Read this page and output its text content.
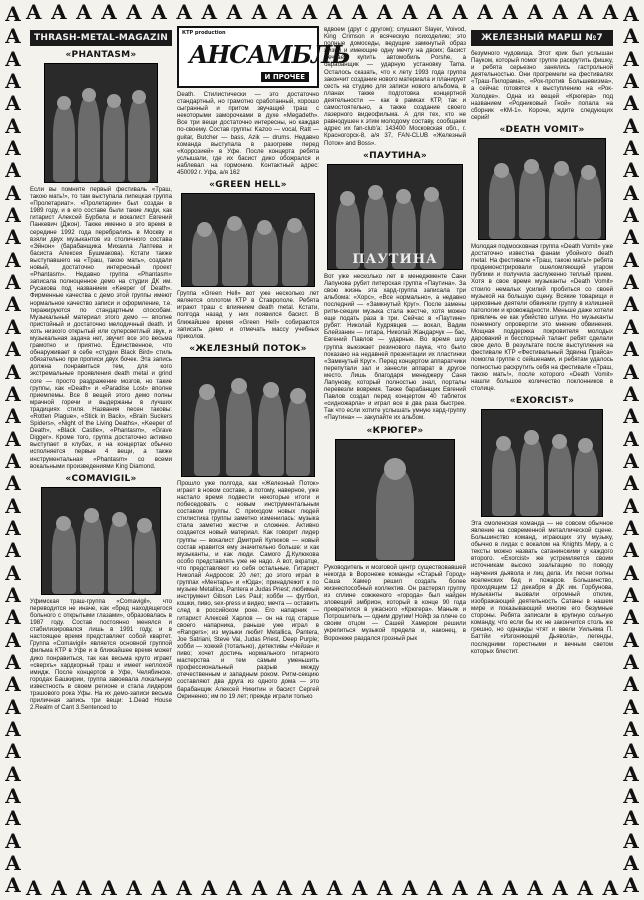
A A A A A A A A A A A A A A A A A A A A A A A A
A A A A A A A A A A A A A A A A A A A A A A A A
A
A
A
A
A
A
A
A
A
A
A
A
A
A
A
A
A
A
A
A
A
A
A
A
A
A
A
A
A
A
A
A
A
A
A
A
A
A
A
A
A
A
A
A
A
A
A
A
A
A
A
A
A
A
A
A
A
A
A
A
A
A
A
A
A
A
A
A
A
A
A
A
A
A
A
A
A
A
A
A
THRASH-METAL-MAGAZIN
«PHANTASM»

Если вы помните первый фестиваль «Траш, такою мать!», то там выступала липецкая группа «Пролетариат». «Пролетарии» был создан в 1989 году, и в его составе были такие люди, как гитарист Алексей Бурбела и вокалист Евгений Панкевич (Джон). Также именно в это время в середине 1992 года перебрались в Москву и взяли двух музыкантов из столичного состава «Эйнон» (барабанщика Михаила Лаптева и басиста Алексея Бушмакова). Кстати также выступавшего на «Траш, такою мать», создали новый, достаточно интересный проект «Phantasm». Недавно группа «Phantasm» записала полноценное демо на студии ДК им. Русакова под названием «Keeper of Death». Фирменные качества с демо этой группы имеют нормальное качество записи и оформление, т.е. тиражируются по стандартным способам. Музыкальный материал этого демо — вполне пристойный и достаточно мелодичный death. И хоть низкого открытый или суперсветлый звук, и музыкальная задача нет, звучит все это весьма грамотно и приятно. Единственное, что обнаруживает в себе «студии Black Bird» стиль обязательно при прописи двух бочек. Эта запись должна понравиться тем, для кого экстремальные проявления death metal и grind core — просто раздражение мозгов, но такие группы, как «Death» и «Paradise Lost» вполне приемлемы. Все 8 вещей этого демо полны мрачной горечи и выдержаны в лучших традициях стиля. Названия песен таковы: «Rotten Plague», «Stick in Back», «Brain Suckers Spiders», «Night of the Living Deaths», «Keeper of Death», «Black Castle», «Phantasm», «Grave Digger». Кроме того, группа достаточно активно выступает в клубах, и на концертах обычно исполняется первые 4 вещи, а также инструментальная «Phantasm» со всеми вокальными произведениями King Diamond.

«COMAVIGIL»

Уфимская траш-группа «Comavigil», что переводится не иначе, как «бред находящегося больного с открытыми глазами», образовалась в 1987 году. Состав постоянно менялся и стабилизировался лишь в 1991 году, и в настоящее время представляет собой квартет. Группа «Comavigil» является основной группой фильма КТР в Уфе и в ближайшее время может дико понравиться, так как весьма круто играет «сверхъ» хардкорный траш и имеет неплохой имидж. После концертов в Уфе, Челябинске, городах Башкирии, группа завоевала локальную известность в своем регионе и стала лидером трэшового рока Уфы. На их демо-записи весьма приличная запись три вещи: 1.Dead House 2.Realm of Cant 3.Sentenced to

КТР production
АНСАМБЛЬ
И ПРОЧЕЕ

Death. Стилистически — это достаточно стандартный, но грамотно сработанный, хорошо сыгранный и притом звучащий траш с некоторыми заморочками в духе «Megadeth». Все три вещи достаточно интересны, но каждая по-своему. Состав группы: Kazoo — vocal, Ratt — guitar, Butcher — bass, Azik — drums. Недавно команда выступала в разогреве перед «Коррозией» в Уфе. После концерта ребята услышали, где их басист дико обожрался и наблевал на гормонию. Контактный адрес: 450092 г. Уфа, а/я 162

«GREEN HELL»

Группа «Green Hell» вот уже несколько лет является оплотом КТР в Ставрополе. Ребята играют траш с влиянием death metal. Кстати, полгода назад у них появился басист. В ближайшее время «Green Hell» собираются записать демо и отмечать массу учебных приколов.

«ЖЕЛЕЗНЫЙ ПОТОК»

Прошло уже полгода, как «Железный Поток» играет в новом составе, а потому, наверное, уже настало время подвести некоторые итоги и побеседовать с новым инструментальным составом группы. С приходом новых людей стилистика группы заметно изменилась: музыка стала заметно жестче и сложнее. Активно создается новый материал. Как говорит лидер группы — вокалист Дмитрий Кулюков — новый состав нравится ему значительно больше: и как музыканты, и как люди. Самого Д.Кулюкова особо представлять уже не надо. А вот, вкратце, что представляют из себя остальные. Гитарист Николай Андросов: 20 лет; до этого играл в группах «Ментарь» и «Юда»; принадлежит к по музыке Metallica, Pantera и Judas Priest; любимый инструмент Gibson Les Paul; хобби — футбол, кошки, пиво, sex-press и видео; мечта — оставить след в российском роке. Его напарник — гитарист Алексей Харлов — он на год старше своего напарника, раньше уже играл в «Rangers»; из музыки любит Metallica, Pantera, Joe Satriani, Steve Vai, Judas Priest, Deep Purple; хобби — хоккей (тотально), детективы «Чейза» и пиво; хочет достичь нормального гитарного мастерства и тем самым уменьшить профессиональный разрыв между отечественным и западным роком. Ритм-секцию составляют два друга из одного дома — это барабанщик Алексей Никитин и басист Сергей Окриненко; им по 19 лет; прежде играли только

вдвоем (друг с другом); слушают Slayer, Voivod, King Crimson и всяческую психоделию; это полные домоседы, ведущие замкнутый образ жизни и имеющие одну мечту на двоих; басист мечтает купить автомобиль Porshe, а барабанщик — ударную установку Tama. Осталось сказать, что к лету 1993 года группа закончит создание нового материала и планирует сесть на студию для записи нового альбома, в планах также подготовка концертной деятельности — как в рамках КТР, так и самостоятельно, а также создание своего лазерного видеофильма. А для тех, кто не равнодушен к этим молодому составу, сообщаем адрес их fan-club'а: 143400 Московская обл., г. Красногорск-8, а/я 37, FAN-CLUB «Железный Поток» and Boss».

«ПАУТИНА»
ПАУТИНА

Вот уже несколько лет в менеджменте Сани Лапунова рубит питерская группа «Паутина». За свою жизнь эта хард-группа записала три альбома: «Хорс», «Все нормально», а недавно последний — «Замкнутый Круг». После замены ритм-секции музыка стала жестче, хотя можно еще подать раза в три. Сейчас в «Паутине» рубят: Николай Кудрявцев — вокал, Вадим Блейзанин — гитара, Николай Жандарчук — бас, Евгений Павлов — ударные. Во время шоу группа выезжает резинового паука, что было показано на недавней презентации их пластинки «Замкнутый Круг». Перед концертом аппаратчики перепутали зал и занесли аппарат в другое место. Лишь благодаря менеджеру Саня Лапунову, который полностью знал, порталы перевезли вовремя. Также барабанщик Евгений Павлов создал перед концертом 40 таблеток «сидножарла» и играл все в два раза быстрее. Так что если хотите услышать умную хард-группу «Паутина» — закупайте их альбом.

«КРЮГЕР»

Руководитель и мозговой центр существовавшей некогда в Воронеже команды «Старый Город» Саша Хамер решил создать более жизнеспособный коллектив. Он растерял группу из сплине сожженого «города» был найден зловещий эмбрион, который в конце 90 года превратился в ужасного «Крюгера». Маньяк и Потрошитель — одним другим! Нойф за плече со своим отцом — Сашей Хамером решили укрепиться музыкой предела и, наконец, в Воронеже раздался грозный рык

ЖЕЛЕЗНЫЙ МАРШ №7

безумного чудовища. Этот крик был услышан Пауком, который помог группе раскрутить фишку, и ребята серьезно занялись гастрольной деятельностью. Они прогремели на фестивалях «Траш-Пилорама», «Рок-против Большевизма», а сейчас готовятся к выступлению на «Рок-Холодке». Одна из вещей «Крюгера» под названием «Родниковый Гной» попала на сборник «КМ-1». Короче, ждите следующих серий!

«DEATH VOMIT»

Молодая подмосковная группа «Death Vomit» уже достаточно известна фанам убойного death metal. На фестивале «Траш, такою мать!» ребята продемонстрировали ошеломляющий угаром публики и получила заслуженно теплый прием. Хотя в свое время музыканты «Death Vomit» стоило немалых усилий пробиться со своей музыкой на большую сцену. Всякие товарищи и церковные деятели обвиняли группу в излишней патологии и кровожадности. Меньше даже хотели привлечь ее как убийство штуки. Но музыканты понемногу опровергли это мнение обвинения. Мощная поддержка покровителя молодых дарований и бесспорный талант ребят сделали свое дело. В результате после выступления на фестивале КТР «Фестивальный Эдвина Прайса» помогла группе с сейшенами, и ребятам удалось полностью раскрутить себя на фестивале «Траш, такою мать!», после которого «Death Vomit» нашли большое количество поклонников в столице.

«EXORCIST»

Эта смоленская команда — не совсем обычное явление на современной металлической сцене. Большинство команд, играющих эту музыку, обычно в лидах с вокалом на Knights Миру, а с тексты можно назвать сатанинскими у каждого второго. «Exorcist» же устремляется своим источникам высоко эзальтацию по поводу научения дьявола и лиц дела. Их песни полны вселенских бед и пожаров. Большинство, проходящим 12 декабря в ДК им. Горбунова, музыканты вызвали огромный отклик, изображающий деятельность Сатаны в нашем мире и показывающий многие его безумные стороны. Ребята записали в крупную сольную команду, что если бы их не закончится столь же грешно, но однажды чтят и ввели Уильяма П. Баттйи «Изгоняющий Дьявола», легенды, последними горестными и вечным светом которых блестит.
